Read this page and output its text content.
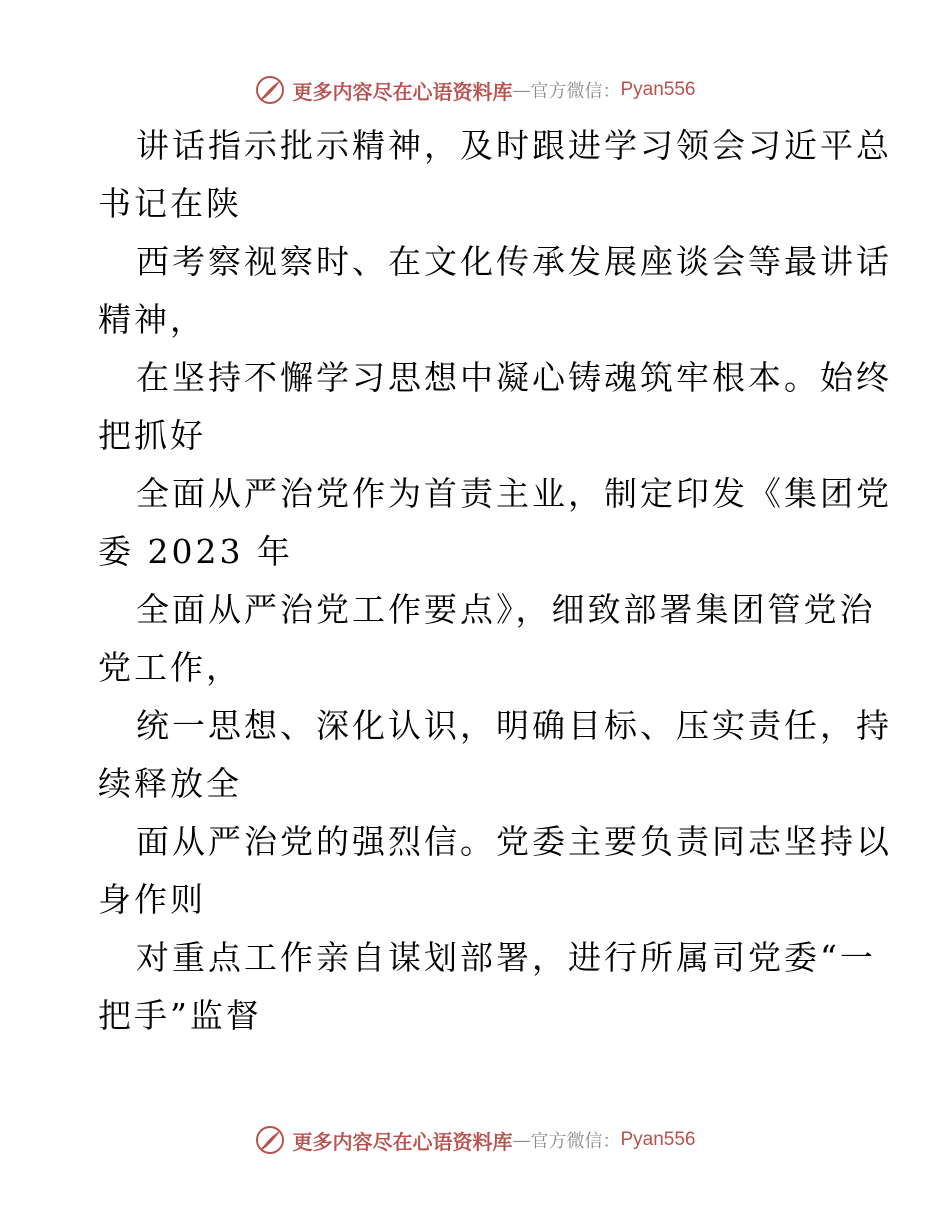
更多内容尽在心语资料库 — 官方微信： Pyan556
讲话指示批示精神，及时跟进学习领会习近平总
书记在陕
西考察视察时、在文化传承发展座谈会等最讲话
精神，
在坚持不懈学习思想中凝心铸魂筑牢根本。始终
把抓好
全面从严治党作为首责主业，制定印发《集团党
委 2023 年
全面从严治党工作要点》，细致部署集团管党治
党工作，
统一思想、深化认识，明确目标、压实责任，持
续释放全
面从严治党的强烈信。党委主要负责同志坚持以
身作则
对重点工作亲自谋划部署，进行所属司党委“一
把手”监督
更多内容尽在心语资料库 — 官方微信： Pyan556
